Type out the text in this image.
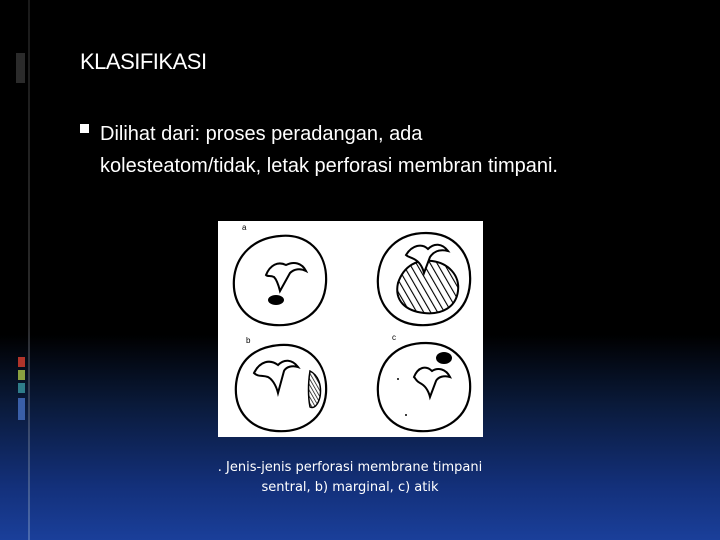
KLASIFIKASI
Dilihat dari: proses peradangan, ada
kolesteatom/tidak, letak perforasi membran timpani.
a
b	c
. Jenis-jenis perforasi membrane timpani
sentral, b) marginal, c) atik
